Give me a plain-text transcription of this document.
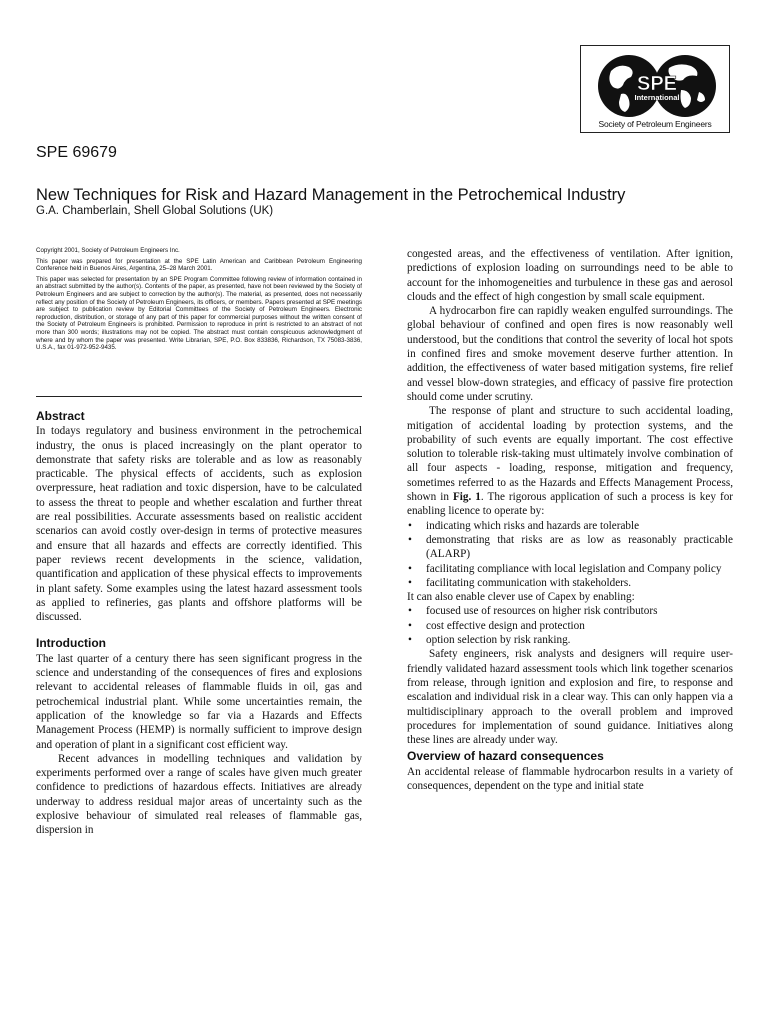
SPE
International
Society of Petroleum Engineers
SPE 69679
New Techniques for Risk and Hazard Management in the Petrochemical Industry
G.A. Chamberlain, Shell Global Solutions (UK)

Copyright 2001, Society of Petroleum Engineers Inc.

This paper was prepared for presentation at the SPE Latin American and Caribbean Petroleum Engineering Conference held in Buenos Aires, Argentina, 25–28 March 2001.

This paper was selected for presentation by an SPE Program Committee following review of information contained in an abstract submitted by the author(s). Contents of the paper, as presented, have not been reviewed by the Society of Petroleum Engineers and are subject to correction by the author(s). The material, as presented, does not necessarily reflect any position of the Society of Petroleum Engineers, its officers, or members. Papers presented at SPE meetings are subject to publication review by Editorial Committees of the Society of Petroleum Engineers. Electronic reproduction, distribution, or storage of any part of this paper for commercial purposes without the written consent of the Society of Petroleum Engineers is prohibited. Permission to reproduce in print is restricted to an abstract of not more than 300 words; illustrations may not be copied. The abstract must contain conspicuous acknowledgment of where and by whom the paper was presented. Write Librarian, SPE, P.O. Box 833836, Richardson, TX 75083-3836, U.S.A., fax 01-972-952-9435.

Abstract

In todays regulatory and business environment in the petrochemical industry, the onus is placed increasingly on the plant operator to demonstrate that safety risks are tolerable and as low as reasonably practicable. The physical effects of accidents, such as explosion overpressure, heat radiation and toxic dispersion, have to be calculated to assess the threat to people and whether escalation and further threat are real possibilities. Accurate assessments based on realistic accident scenarios can avoid costly over-design in terms of protective measures and ensure that all hazards and effects are correctly identified. This paper reviews recent developments in the science, validation, quantification and application of these physical effects to improvements in plant safety. Some examples using the latest hazard assessment tools as applied to refineries, gas plants and offshore platforms will be discussed.

Introduction

The last quarter of a century there has seen significant progress in the science and understanding of the consequences of fires and explosions relevant to accidental releases of flammable fluids in oil, gas and petrochemical industrial plant. While some uncertainties remain, the application of the knowledge so far via a Hazards and Effects Management Process (HEMP) is normally sufficient to improve design and operation of plant in a significant cost efficient way.

Recent advances in modelling techniques and validation by experiments performed over a range of scales have given much greater confidence to predictions of hazardous effects. Initiatives are already underway to address residual major areas of uncertainty such as the explosive behaviour of simulated real releases of flammable gas, dispersion in

congested areas, and the effectiveness of ventilation. After ignition, predictions of explosion loading on surroundings need to be able to account for the inhomogeneities and turbulence in these gas and aerosol clouds and the effect of high congestion by small scale equipment.

A hydrocarbon fire can rapidly weaken engulfed surroundings. The global behaviour of confined and open fires is now reasonably well understood, but the conditions that control the severity of local hot spots in confined fires and smoke movement deserve further attention. In addition, the effectiveness of water based mitigation systems, fire relief and vessel blow-down strategies, and efficacy of passive fire protection should come under scrutiny.

The response of plant and structure to such accidental loading, mitigation of accidental loading by protection systems, and the probability of such events are equally important. The cost effective solution to tolerable risk-taking must ultimately involve combination of all four aspects - loading, response, mitigation and frequency, sometimes referred to as the Hazards and Effects Management Process, shown in Fig. 1. The rigorous application of such a process is key for enabling licence to operate by:

• indicating which risks and hazards are tolerable
• demonstrating that risks are as low as reasonably practicable (ALARP)
• facilitating compliance with local legislation and Company policy
• facilitating communication with stakeholders.

It can also enable clever use of Capex by enabling:

• focused use of resources on higher risk contributors
• cost effective design and protection
• option selection by risk ranking.

Safety engineers, risk analysts and designers will require user-friendly validated hazard assessment tools which link together scenarios from release, through ignition and explosion and fire, to response and escalation and individual risk in a clear way. This can only happen via a multidisciplinary approach to the overall problem and improved procedures for implementation of sound guidance. Initiatives along these lines are already under way.

Overview of hazard consequences

An accidental release of flammable hydrocarbon results in a variety of consequences, dependent on the type and initial state
